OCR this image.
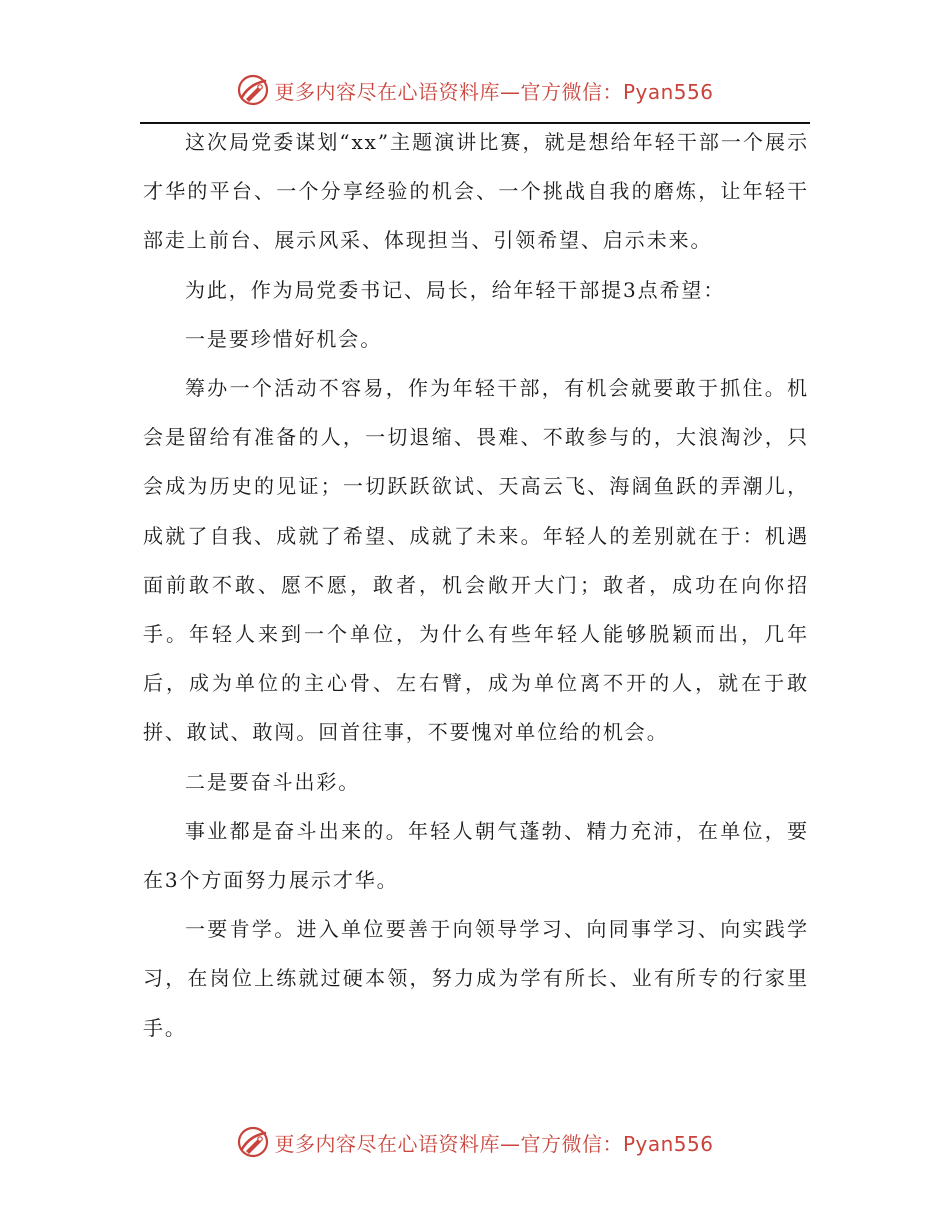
更多内容尽在心语资料库—官方微信：Pyan556

这次局党委谋划“xx”主题演讲比赛，就是想给年轻干部一个展示才华的平台、一个分享经验的机会、一个挑战自我的磨炼，让年轻干部走上前台、展示风采、体现担当、引领希望、启示未来。

为此，作为局党委书记、局长，给年轻干部提3点希望：

一是要珍惜好机会。

筹办一个活动不容易，作为年轻干部，有机会就要敢于抓住。机会是留给有准备的人，一切退缩、畏难、不敢参与的，大浪淘沙，只会成为历史的见证；一切跃跃欲试、天高云飞、海阔鱼跃的弄潮儿，成就了自我、成就了希望、成就了未来。年轻人的差别就在于：机遇面前敢不敢、愿不愿，敢者，机会敞开大门；敢者，成功在向你招手。年轻人来到一个单位，为什么有些年轻人能够脱颖而出，几年后，成为单位的主心骨、左右臂，成为单位离不开的人，就在于敢拼、敢试、敢闯。回首往事，不要愧对单位给的机会。

二是要奋斗出彩。

事业都是奋斗出来的。年轻人朝气蓬勃、精力充沛，在单位，要在3个方面努力展示才华。

一要肯学。进入单位要善于向领导学习、向同事学习、向实践学习，在岗位上练就过硬本领，努力成为学有所长、业有所专的行家里手。

更多内容尽在心语资料库—官方微信：Pyan556
